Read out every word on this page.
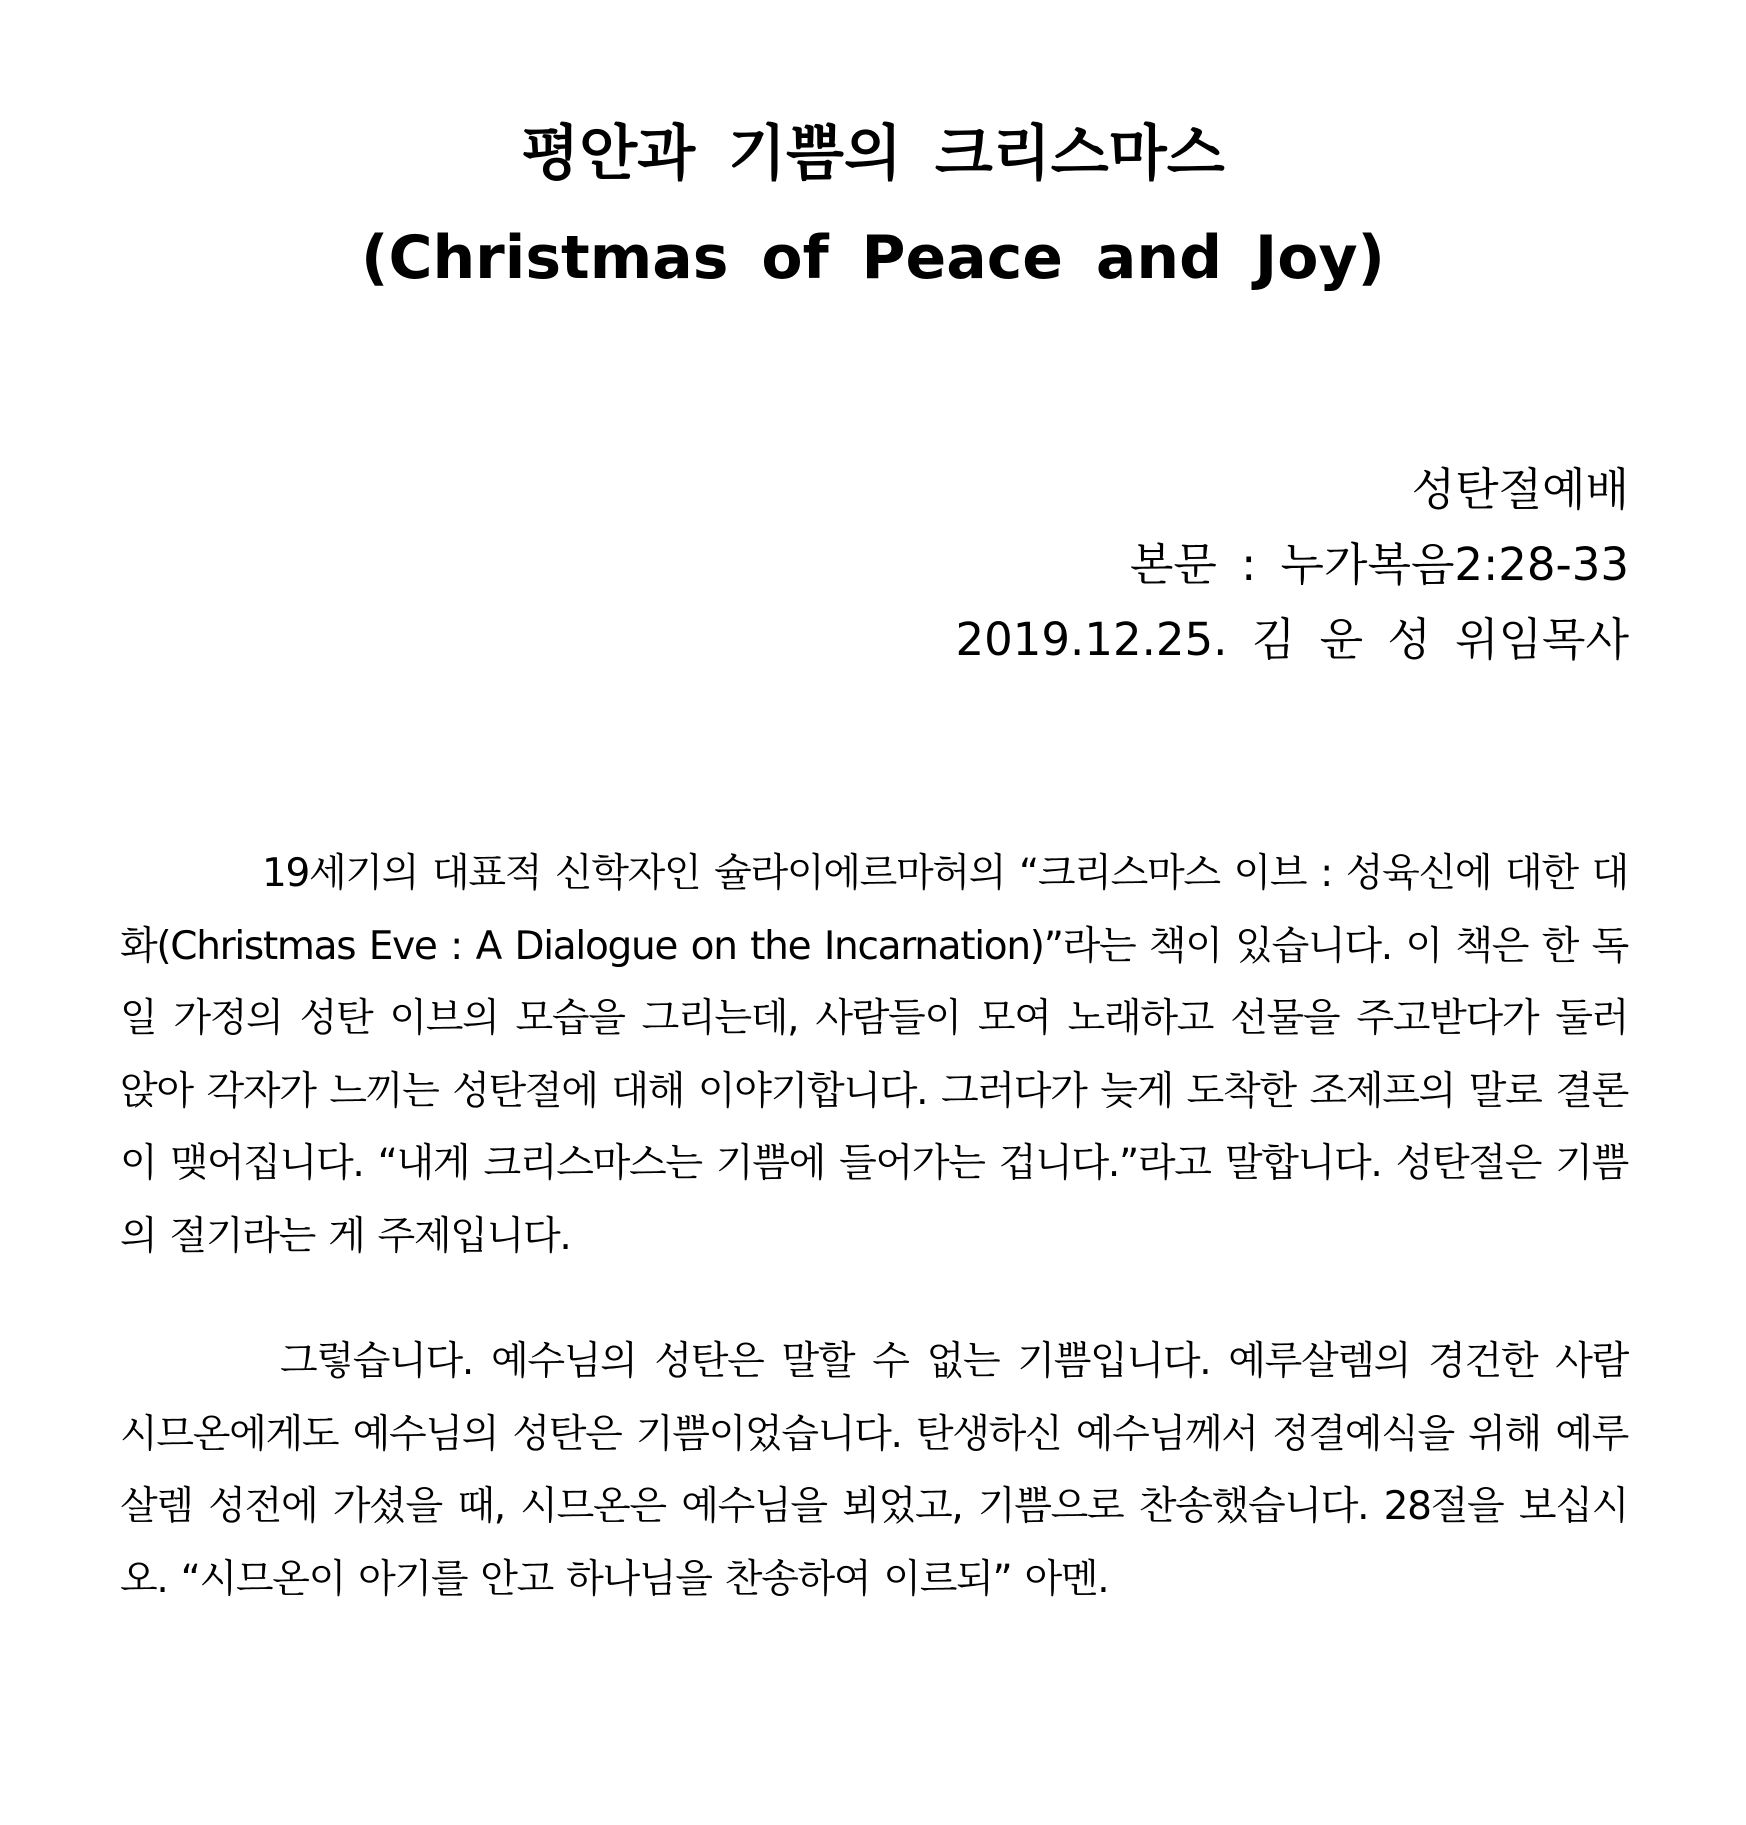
평안과 기쁨의 크리스마스
(Christmas of Peace and Joy)
성탄절예배
본문 : 누가복음2:28-33
2019.12.25. 김 운 성 위임목사

19세기의 대표적 신학자인 슐라이에르마허의 “크리스마스 이브 : 성육신에 대한 대화(Christmas Eve : A Dialogue on the Incarnation)”라는 책이 있습니다. 이 책은 한 독일 가정의 성탄 이브의 모습을 그리는데, 사람들이 모여 노래하고 선물을 주고받다가 둘러 앉아 각자가 느끼는 성탄절에 대해 이야기합니다. 그러다가 늦게 도착한 조제프의 말로 결론이 맺어집니다. “내게 크리스마스는 기쁨에 들어가는 겁니다.”라고 말합니다. 성탄절은 기쁨의 절기라는 게 주제입니다.

그렇습니다. 예수님의 성탄은 말할 수 없는 기쁨입니다. 예루살렘의 경건한 사람 시므온에게도 예수님의 성탄은 기쁨이었습니다. 탄생하신 예수님께서 정결예식을 위해 예루살렘 성전에 가셨을 때, 시므온은 예수님을 뵈었고, 기쁨으로 찬송했습니다. 28절을 보십시오. “시므온이 아기를 안고 하나님을 찬송하여 이르되” 아멘.
